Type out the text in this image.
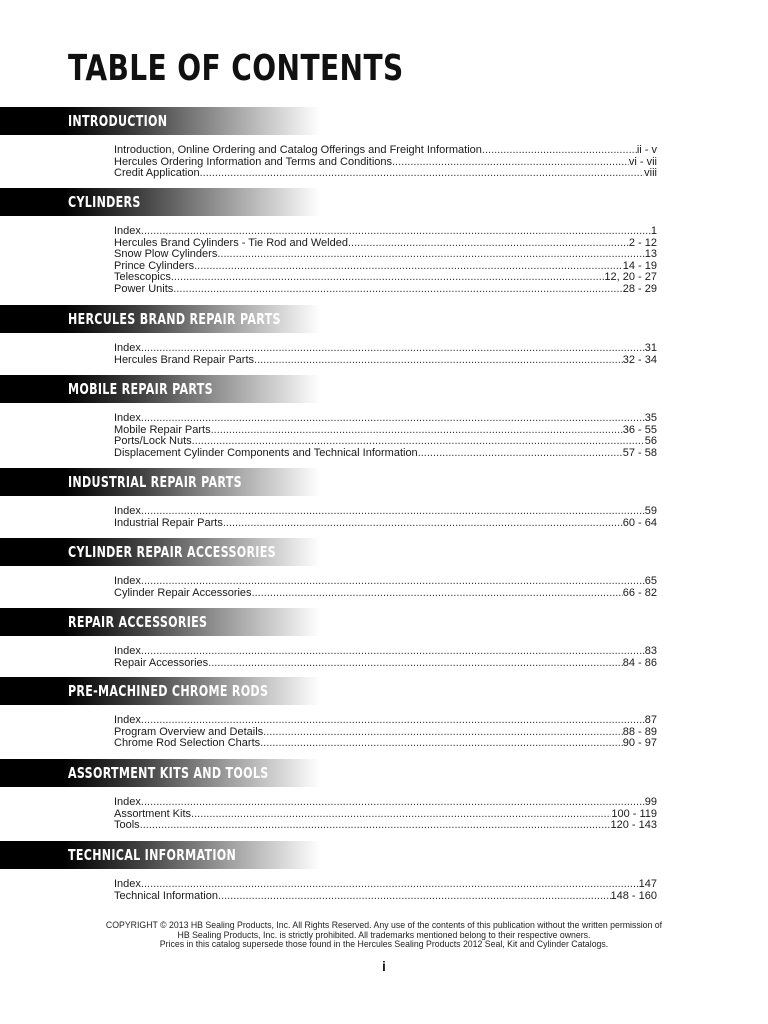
TABLE OF CONTENTS
INTRODUCTION
Introduction, Online Ordering and Catalog Offerings and Freight Information .....	ii - v
Hercules Ordering Information and Terms and Conditions .....	vi - vii
Credit Application .....	viii
CYLINDERS
Index .....	1
Hercules Brand Cylinders - Tie Rod and Welded .....	2 - 12
Snow Plow Cylinders .....	13
Prince Cylinders .....	14 - 19
Telescopics .....	12, 20 - 27
Power Units .....	28 - 29
HERCULES BRAND REPAIR PARTS
Index .....	31
Hercules Brand Repair Parts .....	32 - 34
MOBILE REPAIR PARTS
Index .....	35
Mobile Repair Parts .....	36 - 55
Ports/Lock Nuts .....	56
Displacement Cylinder Components and Technical Information .....	57 - 58
INDUSTRIAL REPAIR PARTS
Index .....	59
Industrial Repair Parts .....	60 - 64
CYLINDER REPAIR ACCESSORIES
Index .....	65
Cylinder Repair Accessories .....	66 - 82
REPAIR ACCESSORIES
Index .....	83
Repair Accessories .....	84 - 86
PRE-MACHINED CHROME RODS
Index .....	87
Program Overview and Details .....	88 - 89
Chrome Rod Selection Charts .....	90 - 97
ASSORTMENT KITS AND TOOLS
Index .....	99
Assortment Kits .....	100 - 119
Tools .....	120 - 143
TECHNICAL INFORMATION
Index .....	147
Technical Information .....	148 - 160
COPYRIGHT © 2013 HB Sealing Products, Inc. All Rights Reserved. Any use of the contents of this publication without the written permission of
HB Sealing Products, Inc. is strictly prohibited. All trademarks mentioned belong to their respective owners.
Prices in this catalog supersede those found in the Hercules Sealing Products 2012 Seal, Kit and Cylinder Catalogs.
i
